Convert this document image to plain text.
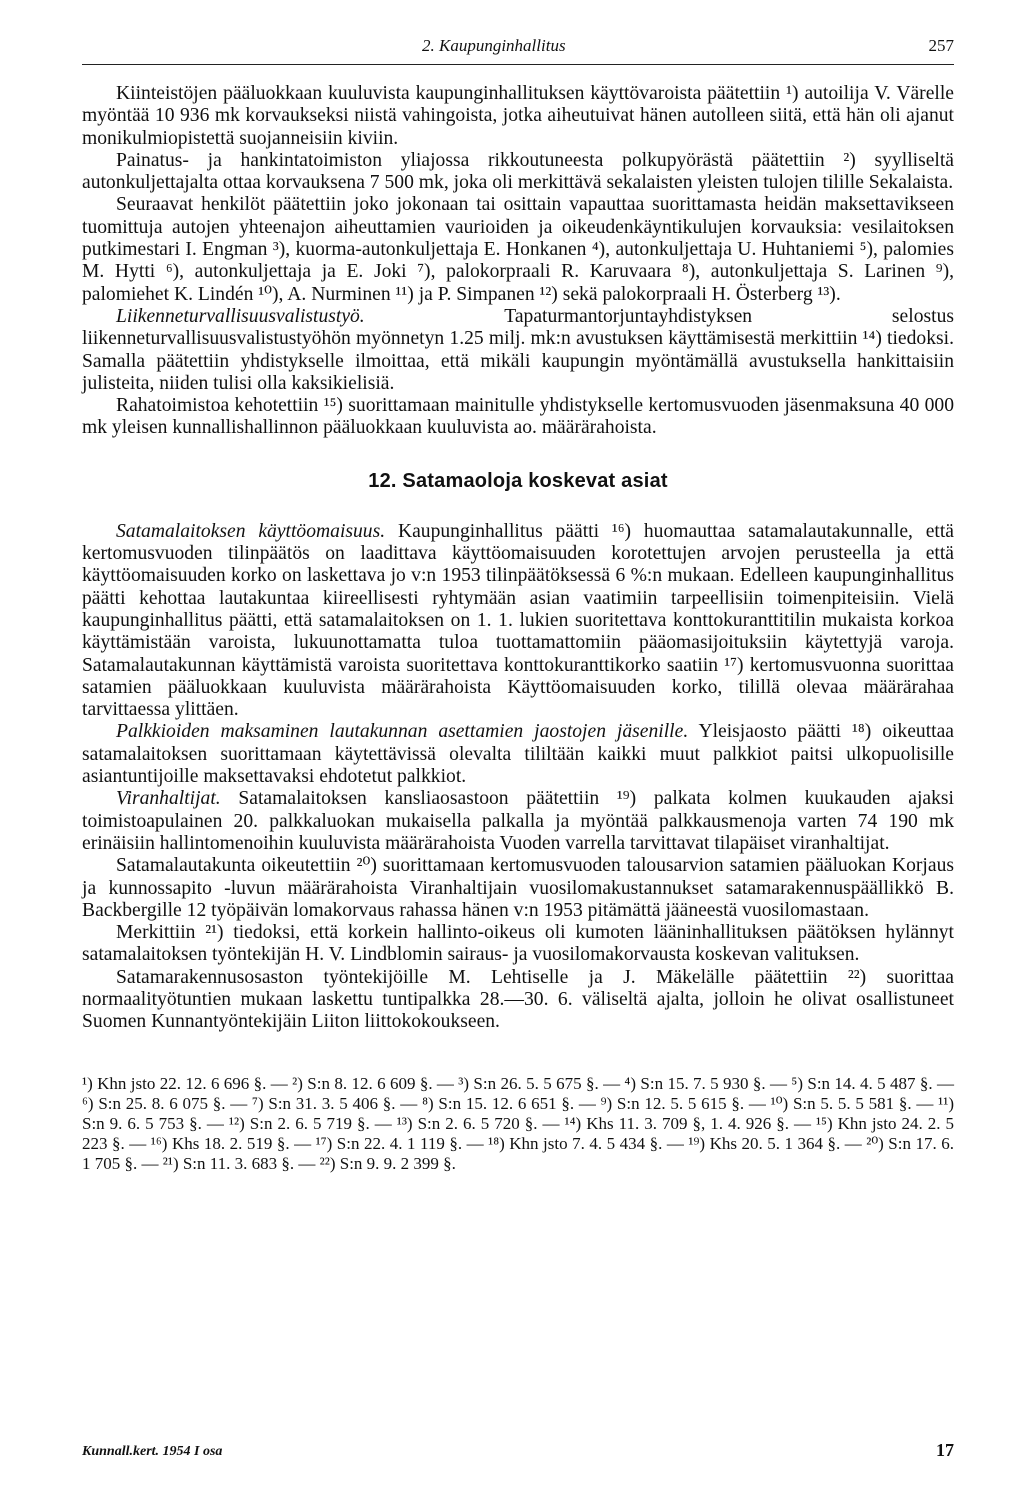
2. Kaupunginhallitus	257

Kiinteistöjen pääluokkaan kuuluvista kaupunginhallituksen käyttövaroista päätettiin ¹) autoilija V. Värelle myöntää 10 936 mk korvaukseksi niistä vahingoista, jotka aiheutuivat hänen autolleen siitä, että hän oli ajanut monikulmiopistettä suojanneisiin kiviin.

Painatus- ja hankintatoimiston yliajossa rikkoutuneesta polkupyörästä päätettiin ²) syylliseltä autonkuljettajalta ottaa korvauksena 7 500 mk, joka oli merkittävä sekalaisten yleisten tulojen tilille Sekalaista.

Seuraavat henkilöt päätettiin joko jokonaan tai osittain vapauttaa suorittamasta heidän maksettavikseen tuomittuja autojen yhteenajon aiheuttamien vaurioiden ja oikeudenkäyntikulujen korvauksia: vesilaitoksen putkimestari I. Engman ³), kuorma-autonkuljettaja E. Honkanen ⁴), autonkuljettaja U. Huhtaniemi ⁵), palomies M. Hytti ⁶), autonkuljettaja ja E. Joki ⁷), palokorpraali R. Karuvaara ⁸), autonkuljettaja S. Larinen ⁹), palomiehet K. Lindén ¹⁰), A. Nurminen ¹¹) ja P. Simpanen ¹²) sekä palokorpraali H. Österberg ¹³).

Liikenneturvallisuusvalistustyö. Tapaturmantorjuntayhdistyksen selostus liikenneturvallisuusvalistustyöhön myönnetyn 1.25 milj. mk:n avustuksen käyttämisestä merkittiin ¹⁴) tiedoksi. Samalla päätettiin yhdistykselle ilmoittaa, että mikäli kaupungin myöntämällä avustuksella hankittaisiin julisteita, niiden tulisi olla kaksikielisiä.

Rahatoimistoa kehotettiin ¹⁵) suorittamaan mainitulle yhdistykselle kertomusvuoden jäsenmaksuna 40 000 mk yleisen kunnallishallinnon pääluokkaan kuuluvista ao. määrärahoista.

12. Satamaoloja koskevat asiat

Satamalaitoksen käyttöomaisuus. Kaupunginhallitus päätti ¹⁶) huomauttaa satamalautakunnalle, että kertomusvuoden tilinpäätös on laadittava käyttöomaisuuden korotettujen arvojen perusteella ja että käyttöomaisuuden korko on laskettava jo v:n 1953 tilinpäätöksessä 6 %:n mukaan. Edelleen kaupunginhallitus päätti kehottaa lautakuntaa kiireellisesti ryhtymään asian vaatimiin tarpeellisiin toimenpiteisiin. Vielä kaupunginhallitus päätti, että satamalaitoksen on 1. 1. lukien suoritettava konttokuranttitilin mukaista korkoa käyttämistään varoista, lukuunottamatta tuloa tuottamattomiin pääomasijoituksiin käytettyjä varoja. Satamalautakunnan käyttämistä varoista suoritettava konttokuranttikorko saatiin ¹⁷) kertomusvuonna suorittaa satamien pääluokkaan kuuluvista määrärahoista Käyttöomaisuuden korko, tilillä olevaa määrärahaa tarvittaessa ylittäen.

Palkkioiden maksaminen lautakunnan asettamien jaostojen jäsenille. Yleisjaosto päätti ¹⁸) oikeuttaa satamalaitoksen suorittamaan käytettävissä olevalta tililtään kaikki muut palkkiot paitsi ulkopuolisille asiantuntijoille maksettavaksi ehdotetut palkkiot.

Viranhaltijat. Satamalaitoksen kansliaosastoon päätettiin ¹⁹) palkata kolmen kuukauden ajaksi toimistoapulainen 20. palkkaluokan mukaisella palkalla ja myöntää palkkausmenoja varten 74 190 mk erinäisiin hallintomenoihin kuuluvista määrärahoista Vuoden varrella tarvittavat tilapäiset viranhaltijat.

Satamalautakunta oikeutettiin ²⁰) suorittamaan kertomusvuoden talousarvion satamien pääluokan Korjaus ja kunnossapito -luvun määrärahoista Viranhaltijain vuosilomakustannukset satamarakennuspäällikkö B. Backbergille 12 työpäivän lomakorvaus rahassa hänen v:n 1953 pitämättä jääneestä vuosilomastaan.

Merkittiin ²¹) tiedoksi, että korkein hallinto-oikeus oli kumoten lääninhallituksen päätöksen hylännyt satamalaitoksen työntekijän H. V. Lindblomin sairaus- ja vuosilomakorvausta koskevan valituksen.

Satamarakennusosaston työntekijöille M. Lehtiselle ja J. Mäkelälle päätettiin ²²) suorittaa normaalityötuntien mukaan laskettu tuntipalkka 28.—30. 6. väliseltä ajalta, jolloin he olivat osallistuneet Suomen Kunnantyöntekijäin Liiton liittokokoukseen.

¹) Khn jsto 22. 12. 6 696 §. — ²) S:n 8. 12. 6 609 §. — ³) S:n 26. 5. 5 675 §. — ⁴) S:n 15. 7. 5 930 §. — ⁵) S:n 14. 4. 5 487 §. — ⁶) S:n 25. 8. 6 075 §. — ⁷) S:n 31. 3. 5 406 §. — ⁸) S:n 15. 12. 6 651 §. — ⁹) S:n 12. 5. 5 615 §. — ¹⁰) S:n 5. 5. 5 581 §. — ¹¹) S:n 9. 6. 5 753 §. — ¹²) S:n 2. 6. 5 719 §. — ¹³) S:n 2. 6. 5 720 §. — ¹⁴) Khs 11. 3. 709 §, 1. 4. 926 §. — ¹⁵) Khn jsto 24. 2. 5 223 §. — ¹⁶) Khs 18. 2. 519 §. — ¹⁷) S:n 22. 4. 1 119 §. — ¹⁸) Khn jsto 7. 4. 5 434 §. — ¹⁹) Khs 20. 5. 1 364 §. — ²⁰) S:n 17. 6. 1 705 §. — ²¹) S:n 11. 3. 683 §. — ²²) S:n 9. 9. 2 399 §.

Kunnall.kert. 1954 I osa	17
